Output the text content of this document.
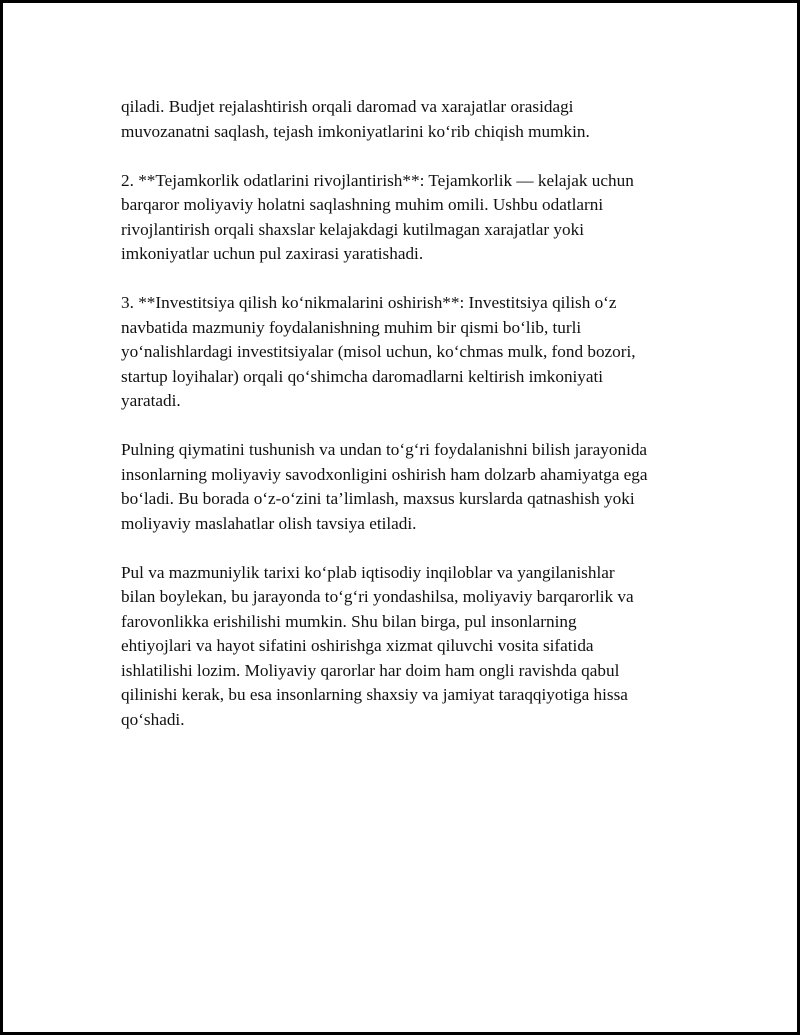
qiladi. Budjet rejalashtirish orqali daromad va xarajatlar orasidagi
muvozanatni saqlash, tejash imkoniyatlarini ko‘rib chiqish mumkin.

2. **Tejamkorlik odatlarini rivojlantirish**: Tejamkorlik — kelajak uchun
barqaror moliyaviy holatni saqlashning muhim omili. Ushbu odatlarni
rivojlantirish orqali shaxslar kelajakdagi kutilmagan xarajatlar yoki
imkoniyatlar uchun pul zaxirasi yaratishadi.

3. **Investitsiya qilish ko‘nikmalarini oshirish**: Investitsiya qilish o‘z
navbatida mazmuniy foydalanishning muhim bir qismi bo‘lib, turli
yo‘nalishlardagi investitsiyalar (misol uchun, ko‘chmas mulk, fond bozori,
startup loyihalar) orqali qo‘shimcha daromadlarni keltirish imkoniyati
yaratadi.

Pulning qiymatini tushunish va undan to‘g‘ri foydalanishni bilish jarayonida
insonlarning moliyaviy savodxonligini oshirish ham dolzarb ahamiyatga ega
bo‘ladi. Bu borada o‘z-o‘zini ta’limlash, maxsus kurslarda qatnashish yoki
moliyaviy maslahatlar olish tavsiya etiladi.

Pul va mazmuniylik tarixi ko‘plab iqtisodiy inqiloblar va yangilanishlar
bilan boylekan, bu jarayonda to‘g‘ri yondashilsa, moliyaviy barqarorlik va
farovonlikka erishilishi mumkin. Shu bilan birga, pul insonlarning
ehtiyojlari va hayot sifatini oshirishga xizmat qiluvchi vosita sifatida
ishlatilishi lozim. Moliyaviy qarorlar har doim ham ongli ravishda qabul
qilinishi kerak, bu esa insonlarning shaxsiy va jamiyat taraqqiyotiga hissa
qo‘shadi.
